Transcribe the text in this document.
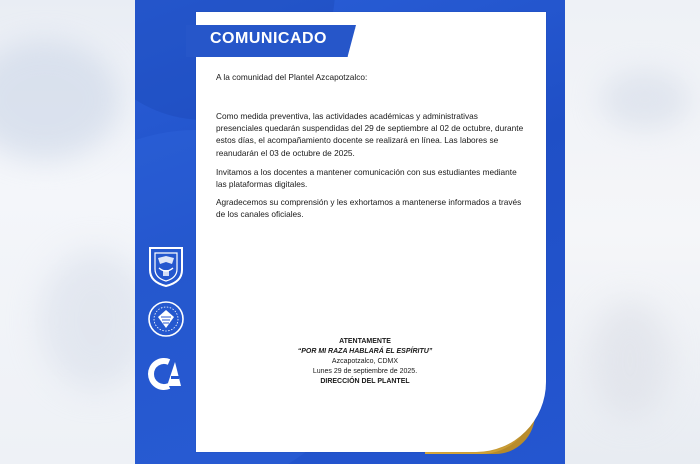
COMUNICADO

A la comunidad del Plantel Azcapotzalco:

Como medida preventiva, las actividades académicas y administrativas presenciales quedarán suspendidas del 29 de septiembre al 02 de octubre, durante estos días, el acompañamiento docente se realizará en línea. Las labores se reanudarán el 03 de octubre de 2025.

Invitamos a los docentes a mantener comunicación con sus estudiantes mediante las plataformas digitales.

Agradecemos su comprensión y les exhortamos a mantenerse informados a través de los canales oficiales.

ATENTAMENTE
“POR MI RAZA HABLARÁ EL ESPÍRITU”
Azcapotzalco, CDMX
Lunes 29 de septiembre de 2025.
DIRECCIÓN DEL PLANTEL
